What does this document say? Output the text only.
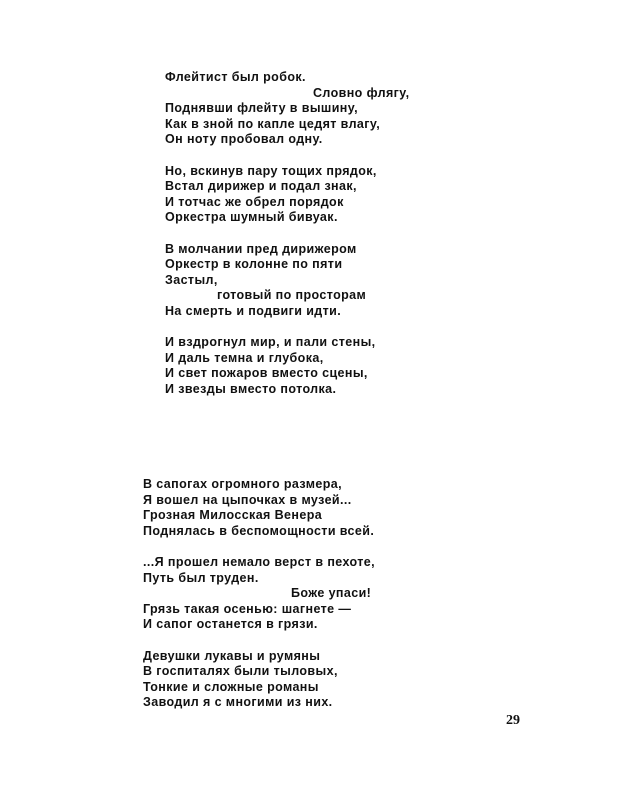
Флейтист был робок.
Словно флягу,
Поднявши флейту в вышину,
Как в зной по капле цедят влагу,
Он ноту пробовал одну.
Но, вскинув пару тощих прядок,
Встал дирижер и подал знак,
И тотчас же обрел порядок
Оркестра шумный бивуак.
В молчании пред дирижером
Оркестр в колонне по пяти
Застыл,
готовый по просторам
На смерть и подвиги идти.
И вздрогнул мир, и пали стены,
И даль темна и глубока,
И свет пожаров вместо сцены,
И звезды вместо потолка.
В сапогах огромного размера,
Я вошел на цыпочках в музей...
Грозная Милосская Венера
Поднялась в беспомощности всей.
...Я прошел немало верст в пехоте,
Путь был труден.
Боже упаси!
Грязь такая осенью: шагнете —
И сапог останется в грязи.
Девушки лукавы и румяны
В госпиталях были тыловых,
Тонкие и сложные романы
Заводил я с многими из них.
29
